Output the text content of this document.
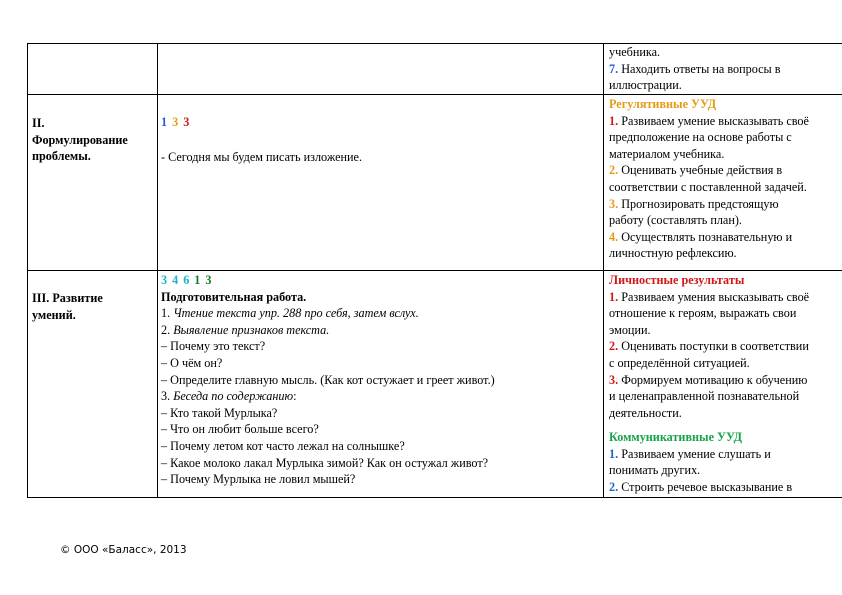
учебника.
7. Находить ответы на вопросы в
иллюстрации.
II.
Формулирование
проблемы.
1 3 3
- Сегодня мы будем писать изложение.
Регулятивные УУД
1. Развиваем умение высказывать своё
предположение на основе работы с
материалом учебника.
2. Оценивать учебные действия в
соответствии с поставленной задачей.
3. Прогнозировать предстоящую
работу (составлять план).
4. Осуществлять познавательную и
личностную рефлексию.
III. Развитие
умений.
3 4 6 1 3
Подготовительная работа.
1. Чтение текста упр. 288 про себя, затем вслух.
2. Выявление признаков текста.
– Почему это текст?
– О чём он?
– Определите главную мысль. (Как кот остужает и греет живот.)
3. Беседа по содержанию:
– Кто такой Мурлыка?
– Что он любит больше всего?
– Почему летом кот часто лежал на солнышке?
– Какое молоко лакал Мурлыка зимой? Как он остужал живот?
– Почему Мурлыка не ловил мышей?
Личностные результаты
1. Развиваем умения высказывать своё
отношение к героям, выражать свои
эмоции.
2. Оценивать поступки в соответствии
с определённой ситуацией.
3. Формируем мотивацию к обучению
и целенаправленной познавательной
деятельности.
Коммуникативные УУД
1. Развиваем умение слушать и
понимать других.
2. Строить речевое высказывание в
© ООО «Баласс», 2013
